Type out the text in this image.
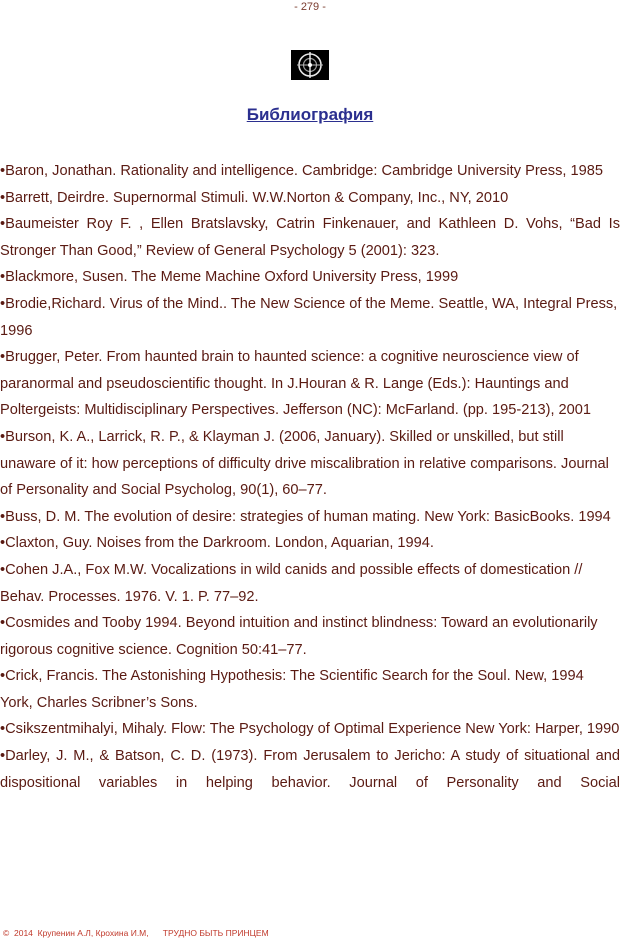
- 279 -
Библиография
•Baron, Jonathan. Rationality and intelligence. Cambridge: Cambridge University Press, 1985
•Barrett, Deirdre. Supernormal Stimuli. W.W.Norton & Company, Inc., NY, 2010
•Baumeister Roy F. , Ellen Bratslavsky, Catrin Finkenauer, and Kathleen D. Vohs, “Bad Is Stronger Than Good,” Review of General Psychology 5 (2001): 323.
•Blackmore, Susen. The Meme Machine Oxford University Press, 1999
•Brodie,Richard. Virus of the Mind.. The New Science of the Meme. Seattle, WA, Integral Press, 1996
•Brugger, Peter. From haunted brain to haunted science: a cognitive neuroscience view of paranormal and pseudoscientific thought. In J.Houran & R. Lange (Eds.): Hauntings and Poltergeists: Multidisciplinary Perspectives. Jefferson (NC): McFarland. (pp. 195-213), 2001
•Burson, K. A., Larrick, R. P., & Klayman J. (2006, January). Skilled or unskilled, but still unaware of it: how perceptions of difficulty drive miscalibration in relative comparisons. Journal of Personality and Social Psycholog, 90(1), 60–77.
•Buss, D. M. The evolution of desire: strategies of human mating. New York: BasicBooks. 1994
•Claxton, Guy. Noises from the Darkroom. London, Aquarian, 1994.
•Cohen J.A., Fox M.W. Vocalizations in wild canids and possible effects of domestication // Behav. Processes. 1976. V. 1. P. 77–92.
•Cosmides and Tooby 1994. Beyond intuition and instinct blindness: Toward an evolutionarily rigorous cognitive science. Cognition 50:41–77.
•Crick, Francis. The Astonishing Hypothesis: The Scientific Search for the Soul. New, 1994 York, Charles Scribner’s Sons.
•Csikszentmihalyi, Mihaly. Flow: The Psychology of Optimal Experience New York: Harper, 1990
•Darley, J. M., & Batson, C. D. (1973). From Jerusalem to Jericho: A study of situational and dispositional variables in helping behavior. Journal of Personality and Social
©  2014  Крупенин А.Л, Крохина И.М,      ТРУДНО БЫТЬ ПРИНЦЕМ
